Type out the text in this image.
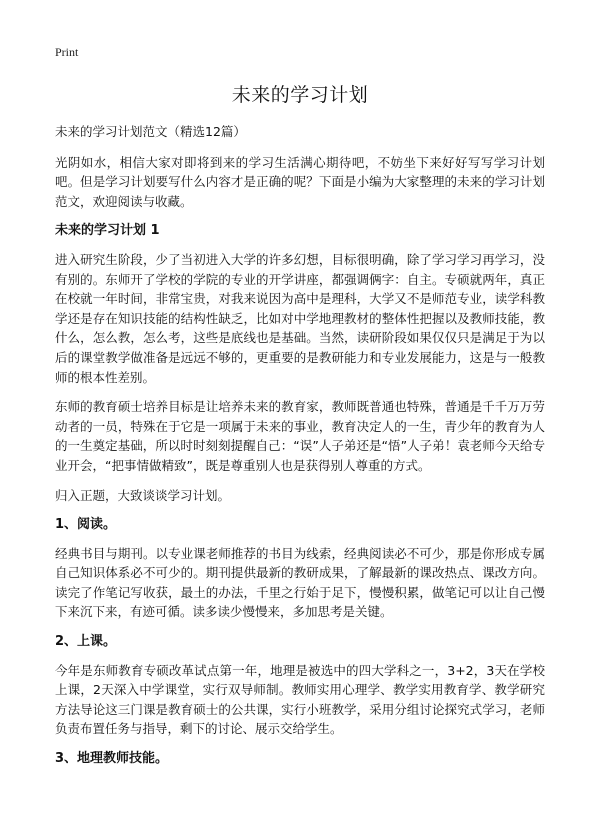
Print
未来的学习计划

未来的学习计划范文（精选12篇）

光阴如水，相信大家对即将到来的学习生活满心期待吧，不妨坐下来好好写写学习计划吧。但是学习计划要写什么内容才是正确的呢？下面是小编为大家整理的未来的学习计划范文，欢迎阅读与收藏。

未来的学习计划 1

进入研究生阶段，少了当初进入大学的许多幻想，目标很明确，除了学习学习再学习，没有别的。东师开了学校的学院的专业的开学讲座，都强调俩字：自主。专硕就两年，真正在校就一年时间，非常宝贵，对我来说因为高中是理科，大学又不是师范专业，读学科教学还是存在知识技能的结构性缺乏，比如对中学地理教材的整体性把握以及教师技能，教什么，怎么教，怎么考，这些是底线也是基础。当然，读研阶段如果仅仅只是满足于为以后的课堂教学做准备是远远不够的，更重要的是教研能力和专业发展能力，这是与一般教师的根本性差别。

东师的教育硕士培养目标是让培养未来的教育家，教师既普通也特殊，普通是千千万万劳动者的一员，特殊在于它是一项属于未来的事业，教育决定人的一生，青少年的教育为人的一生奠定基础，所以时时刻刻提醒自己：“误”人子弟还是“悟”人子弟！袁老师今天给专业开会，“把事情做精致”，既是尊重别人也是获得别人尊重的方式。

归入正题，大致谈谈学习计划。

1、阅读。

经典书目与期刊。以专业课老师推荐的书目为线索，经典阅读必不可少，那是你形成专属自己知识体系必不可少的。期刊提供最新的教研成果，了解最新的课改热点、课改方向。读完了作笔记写收获，最土的办法，千里之行始于足下，慢慢积累，做笔记可以让自己慢下来沉下来，有迹可循。读多读少慢慢来，多加思考是关键。

2、上课。

今年是东师教育专硕改革试点第一年，地理是被选中的四大学科之一，3+2，3天在学校上课，2天深入中学课堂，实行双导师制。教师实用心理学、教学实用教育学、教学研究方法导论这三门课是教育硕士的公共课，实行小班教学，采用分组讨论探究式学习，老师负责布置任务与指导，剩下的讨论、展示交给学生。

3、地理教师技能。
